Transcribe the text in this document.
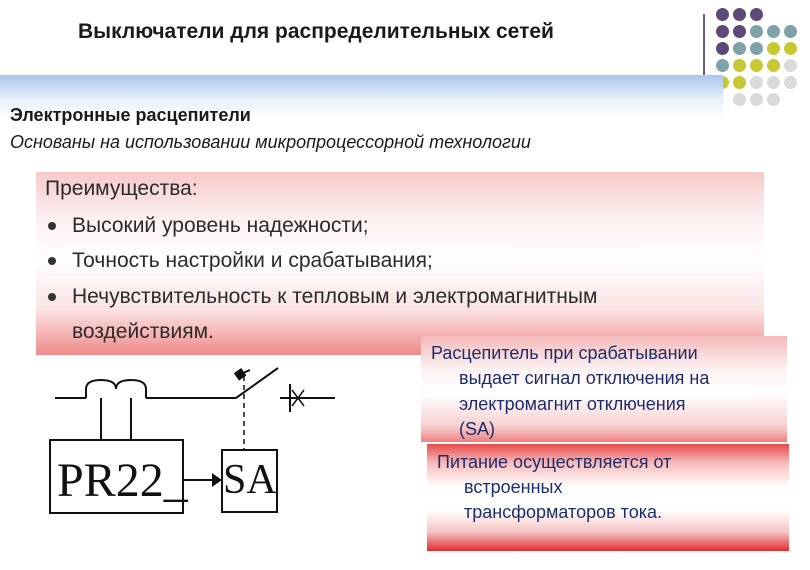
Выключатели для распределительных сетей
Электронные расцепители
Основаны на использовании микропроцессорной технологии
Преимущества:
Высокий уровень надежности;
Точность настройки и срабатывания;
Нечувствительность к тепловым и электромагнитным
воздействиям.
Расцепитель при срабатывании
выдает сигнал отключения на
электромагнит отключения
(SA)
Питание осуществляется от
встроенных
трансформаторов тока.
PR22_ SA
